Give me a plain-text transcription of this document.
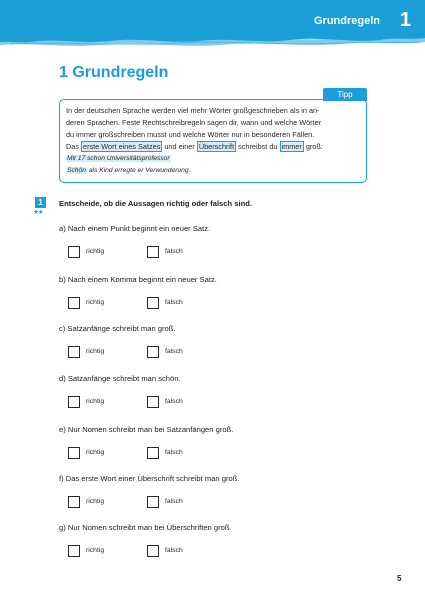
Grundregeln 1
1 Grundregeln
Tipp

In der deutschen Sprache werden viel mehr Wörter großgeschrieben als in an-

deren Sprachen. Feste Rechtschreibregeln sagen dir, wann und welche Wörter

du immer großschreiben musst und welche Wörter nur in besonderen Fällen.

Das erste Wort eines Satzes und einer Überschrift schreibst du immer groß:

Mit 17 schon Universitätsprofessor

Schön als Kind erregte er Verwunderung.

1
★★
Entscheide, ob die Aussagen richtig oder falsch sind.
a) Nach einem Punkt beginnt ein neuer Satz.
richtig	falsch
b) Nach einem Komma beginnt ein neuer Satz.
richtig	falsch
c) Satzanfänge schreibt man groß.
richtig	falsch
d) Satzanfänge schreibt man schön.
richtig	falsch
e) Nur Nomen schreibt man bei Satzanfängen groß.
richtig	falsch
f) Das erste Wort einer Überschrift schreibt man groß.
richtig	falsch
g) Nur Nomen schreibt man bei Überschriften groß.
richtig	falsch
5
